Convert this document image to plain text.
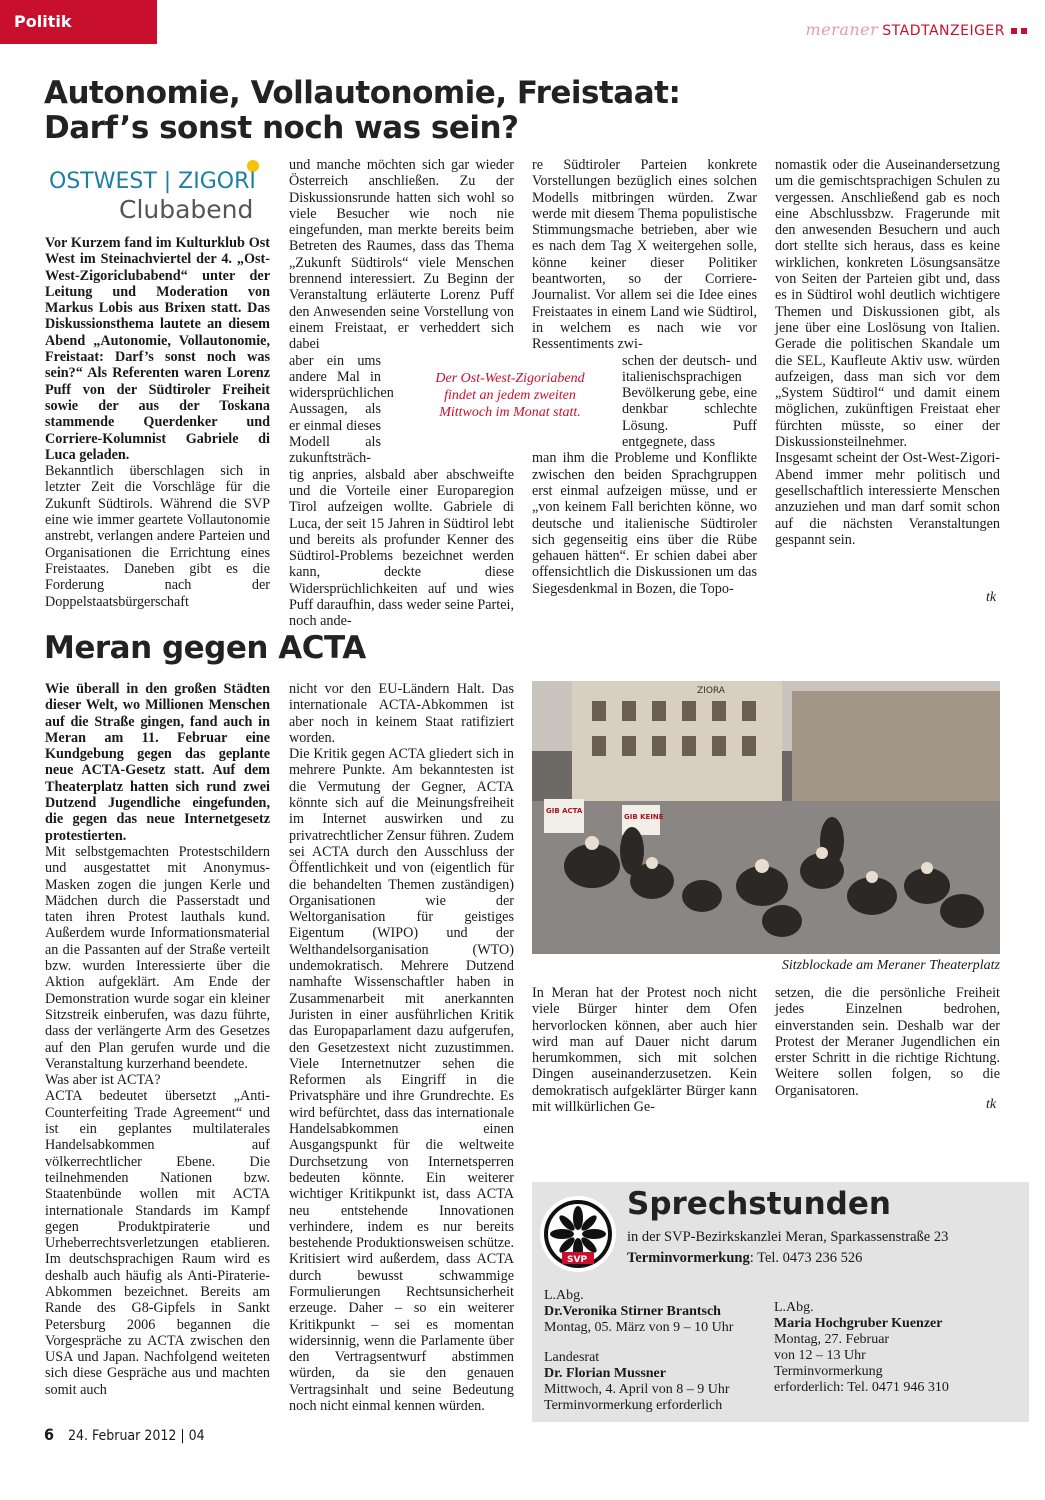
Politik	meraner STADTANZEIGER
Autonomie, Vollautonomie, Freistaat:
Darf’s sonst noch was sein?
OSTWEST | ZIGORI
Clubabend

Vor Kurzem fand im Kulturklub Ost West im Steinachviertel der 4. „Ost-West-Zigoriclubabend“ unter der Leitung und Moderation von Markus Lobis aus Brixen statt. Das Diskussionsthema lautete an diesem Abend „Autonomie, Vollautonomie, Freistaat: Darf’s sonst noch was sein?“ Als Referenten waren Lorenz Puff von der Südtiroler Freiheit sowie der aus der Toskana stammende Querdenker und Corriere-Kolumnist Gabriele di Luca geladen.

Bekanntlich überschlagen sich in letzter Zeit die Vorschläge für die Zukunft Südtirols. Während die SVP eine wie immer geartete Vollautonomie anstrebt, verlangen andere Parteien und Organisationen die Errichtung eines Freistaates. Daneben gibt es die Forderung nach der Doppelstaatsbürgerschaft

und manche möchten sich gar wieder Österreich anschließen. Zu der Diskussionsrunde hatten sich wohl so viele Besucher wie noch nie eingefunden, man merkte bereits beim Betreten des Raumes, dass das Thema „Zukunft Südtirols“ viele Menschen brennend interessiert. Zu Beginn der Veranstaltung erläuterte Lorenz Puff den Anwesenden seine Vorstellung von einem Freistaat, er verheddert sich dabei

aber ein ums andere Mal in widersprüchlichen Aussagen, als er einmal dieses Modell als zukunftsträch-

tig anpries, alsbald aber abschweifte und die Vorteile einer Europaregion Tirol aufzeigen wollte. Gabriele di Luca, der seit 15 Jahren in Südtirol lebt und bereits als profunder Kenner des Südtirol-Problems bezeichnet werden kann, deckte diese Widersprüchlichkeiten auf und wies Puff daraufhin, dass weder seine Partei, noch ande-

Der Ost-West-Zigoriabend findet an jedem zweiten Mittwoch im Monat statt.

re Südtiroler Parteien konkrete Vorstellungen bezüglich eines solchen Modells mitbringen würden. Zwar werde mit diesem Thema populistische Stimmungsmache betrieben, aber wie es nach dem Tag X weitergehen solle, könne keiner dieser Politiker beantworten, so der Corriere-Journalist. Vor allem sei die Idee eines Freistaates in einem Land wie Südtirol, in welchem es nach wie vor Ressentiments zwi-

schen der deutsch- und italienischsprachigen Bevölkerung gebe, eine denkbar schlechte Lösung. Puff entgegnete, dass

man ihm die Probleme und Konflikte zwischen den beiden Sprachgruppen erst einmal aufzeigen müsse, und er „von keinem Fall berichten könne, wo deutsche und italienische Südtiroler sich gegenseitig eins über die Rübe gehauen hätten“. Er schien dabei aber offensichtlich die Diskussionen um das Siegesdenkmal in Bozen, die Topo-

nomastik oder die Auseinandersetzung um die gemischtsprachigen Schulen zu vergessen. Anschließend gab es noch eine Abschlussbzw. Fragerunde mit den anwesenden Besuchern und auch dort stellte sich heraus, dass es keine wirklichen, konkreten Lösungsansätze von Seiten der Parteien gibt und, dass es in Südtirol wohl deutlich wichtigere Themen und Diskussionen gibt, als jene über eine Loslösung von Italien. Gerade die politischen Skandale um die SEL, Kaufleute Aktiv usw. würden aufzeigen, dass man sich vor dem „System Südtirol“ und damit einem möglichen, zukünftigen Freistaat eher fürchten müsste, so einer der Diskussionsteilnehmer.

Insgesamt scheint der Ost-West-Zigori-Abend immer mehr politisch und gesellschaftlich interessierte Menschen anzuziehen und man darf somit schon auf die nächsten Veranstaltungen gespannt sein.

tk
Meran gegen ACTA

Wie überall in den großen Städten dieser Welt, wo Millionen Menschen auf die Straße gingen, fand auch in Meran am 11. Februar eine Kundgebung gegen das geplante neue ACTA-Gesetz statt. Auf dem Theaterplatz hatten sich rund zwei Dutzend Jugendliche eingefunden, die gegen das neue Internetgesetz protestierten.

Mit selbstgemachten Protestschildern und ausgestattet mit Anonymus-Masken zogen die jungen Kerle und Mädchen durch die Passerstadt und taten ihren Protest lauthals kund. Außerdem wurde Informationsmaterial an die Passanten auf der Straße verteilt bzw. wurden Interessierte über die Aktion aufgeklärt. Am Ende der Demonstration wurde sogar ein kleiner Sitzstreik einberufen, was dazu führte, dass der verlängerte Arm des Gesetzes auf den Plan gerufen wurde und die Veranstaltung kurzerhand beendete.

Was aber ist ACTA?

ACTA bedeutet übersetzt „Anti-Counterfeiting Trade Agreement“ und ist ein geplantes multilaterales Handelsabkommen auf völkerrechtlicher Ebene. Die teilnehmenden Nationen bzw. Staatenbünde wollen mit ACTA internationale Standards im Kampf gegen Produktpiraterie und Urheberrechtsverletzungen etablieren. Im deutschsprachigen Raum wird es deshalb auch häufig als Anti-Piraterie-Abkommen bezeichnet. Bereits am Rande des G8-Gipfels in Sankt Petersburg 2006 begannen die Vorgespräche zu ACTA zwischen den USA und Japan. Nachfolgend weiteten sich diese Gespräche aus und machten somit auch

nicht vor den EU-Ländern Halt. Das internationale ACTA-Abkommen ist aber noch in keinem Staat ratifiziert worden.

Die Kritik gegen ACTA gliedert sich in mehrere Punkte. Am bekanntesten ist die Vermutung der Gegner, ACTA könnte sich auf die Meinungsfreiheit im Internet auswirken und zu privatrechtlicher Zensur führen. Zudem sei ACTA durch den Ausschluss der Öffentlichkeit und von (eigentlich für die behandelten Themen zuständigen) Organisationen wie der Weltorganisation für geistiges Eigentum (WIPO) und der Welthandelsorganisation (WTO) undemokratisch. Mehrere Dutzend namhafte Wissenschaftler haben in Zusammenarbeit mit anerkannten Juristen in einer ausführlichen Kritik das Europaparlament dazu aufgerufen, den Gesetzestext nicht zuzustimmen. Viele Internetnutzer sehen die Reformen als Eingriff in die Privatsphäre und ihre Grundrechte. Es wird befürchtet, dass das internationale Handelsabkommen einen Ausgangspunkt für die weltweite Durchsetzung von Internetsperren bedeuten könnte. Ein weiterer wichtiger Kritikpunkt ist, dass ACTA neu entstehende Innovationen verhindere, indem es nur bereits bestehende Produktionsweisen schütze. Kritisiert wird außerdem, dass ACTA durch bewusst schwammige Formulierungen Rechtsunsicherheit erzeuge. Daher – so ein weiterer Kritikpunkt – sei es momentan widersinnig, wenn die Parlamente über den Vertragsentwurf abstimmen würden, da sie den genauen Vertragsinhalt und seine Bedeutung noch nicht einmal kennen würden.

ZIORA
GIB ACTA
GIB KEINE
Sitzblockade am Meraner Theaterplatz

In Meran hat der Protest noch nicht viele Bürger hinter dem Ofen hervorlocken können, aber auch hier wird man auf Dauer nicht darum herumkommen, sich mit solchen Dingen auseinanderzusetzen. Kein demokratisch aufgeklärter Bürger kann mit willkürlichen Ge-

setzen, die die persönliche Freiheit jedes Einzelnen bedrohen, einverstanden sein. Deshalb war der Protest der Meraner Jugendlichen ein erster Schritt in die richtige Richtung. Weitere sollen folgen, so die Organisatoren.

tk
SVP
Sprechstunden
in der SVP-Bezirkskanzlei Meran, Sparkassenstraße 23
Terminvormerkung: Tel. 0473 236 526
L.Abg.
Dr.Veronika Stirner Brantsch
Montag, 05. März von 9 – 10 Uhr
Landesrat
Dr. Florian Mussner
Mittwoch, 4. April von 8 – 9 Uhr
Terminvormerkung erforderlich
L.Abg.
Maria Hochgruber Kuenzer
Montag, 27. Februar
von 12 – 13 Uhr
Terminvormerkung
erforderlich: Tel. 0471 946 310
6 24. Februar 2012 | 04
